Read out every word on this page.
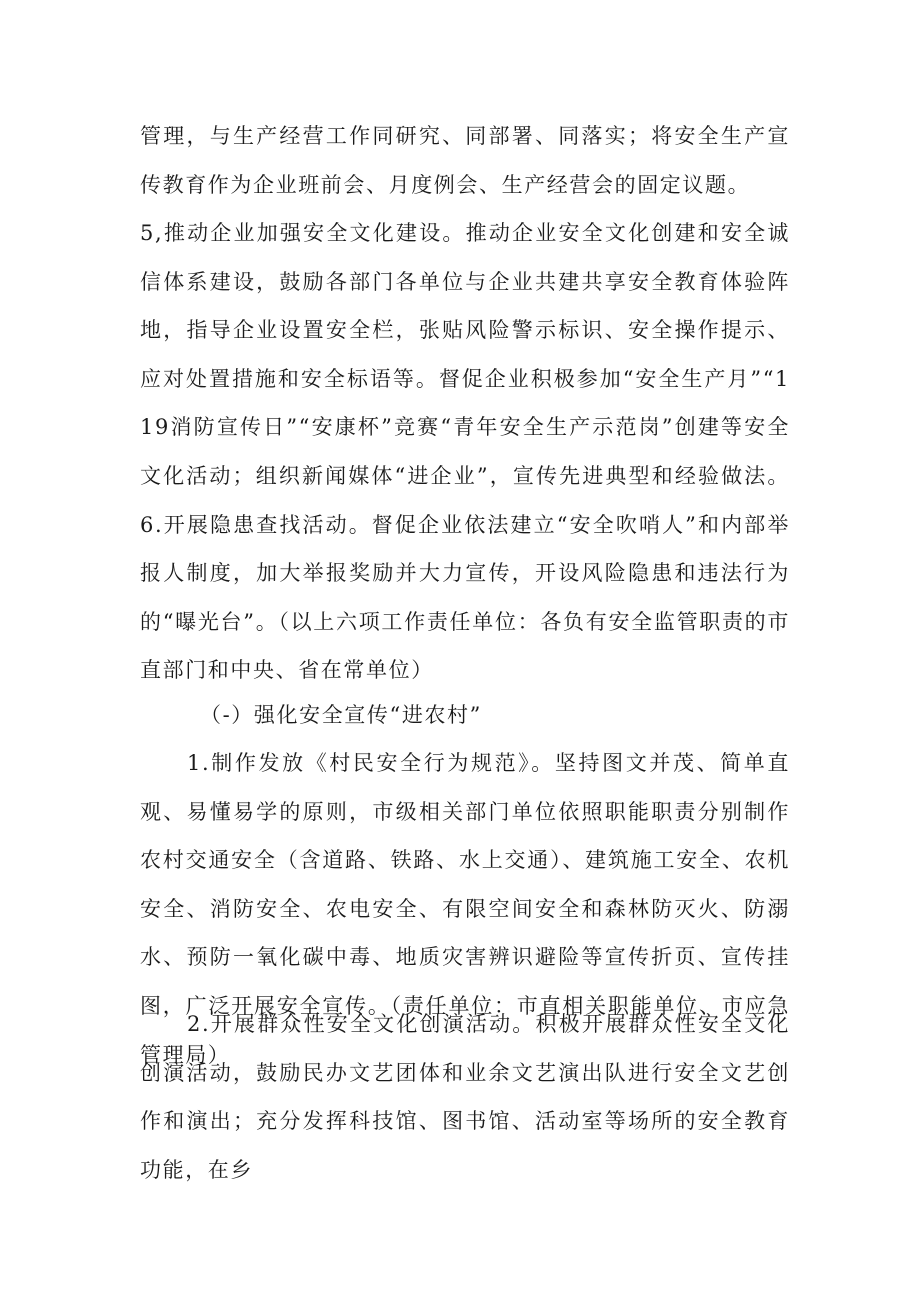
管理，与生产经营工作同研究、同部署、同落实；将安全生产宣传教育作为企业班前会、月度例会、生产经营会的固定议题。

5,推动企业加强安全文化建设。推动企业安全文化创建和安全诚信体系建设，鼓励各部门各单位与企业共建共享安全教育体验阵地，指导企业设置安全栏，张贴风险警示标识、安全操作提示、应对处置措施和安全标语等。督促企业积极参加“安全生产月”“119消防宣传日”“安康杯”竞赛“青年安全生产示范岗”创建等安全文化活动；组织新闻媒体“进企业”，宣传先进典型和经验做法。6.开展隐患查找活动。督促企业依法建立“安全吹哨人”和内部举报人制度，加大举报奖励并大力宣传，开设风险隐患和违法行为的“曝光台”。（以上六项工作责任单位：各负有安全监管职责的市直部门和中央、省在常单位）

（-）强化安全宣传“进农村”

1.制作发放《村民安全行为规范》。坚持图文并茂、简单直观、易懂易学的原则，市级相关部门单位依照职能职责分别制作农村交通安全（含道路、铁路、水上交通）、建筑施工安全、农机安全、消防安全、农电安全、有限空间安全和森林防灭火、防溺水、预防一氧化碳中毒、地质灾害辨识避险等宣传折页、宣传挂图，广泛开展安全宣传。（责任单位：市直相关职能单位、市应急管理局）

2.开展群众性安全文化创演活动。积极开展群众性安全文化创演活动，鼓励民办文艺团体和业余文艺演出队进行安全文艺创作和演出；充分发挥科技馆、图书馆、活动室等场所的安全教育功能，在乡
